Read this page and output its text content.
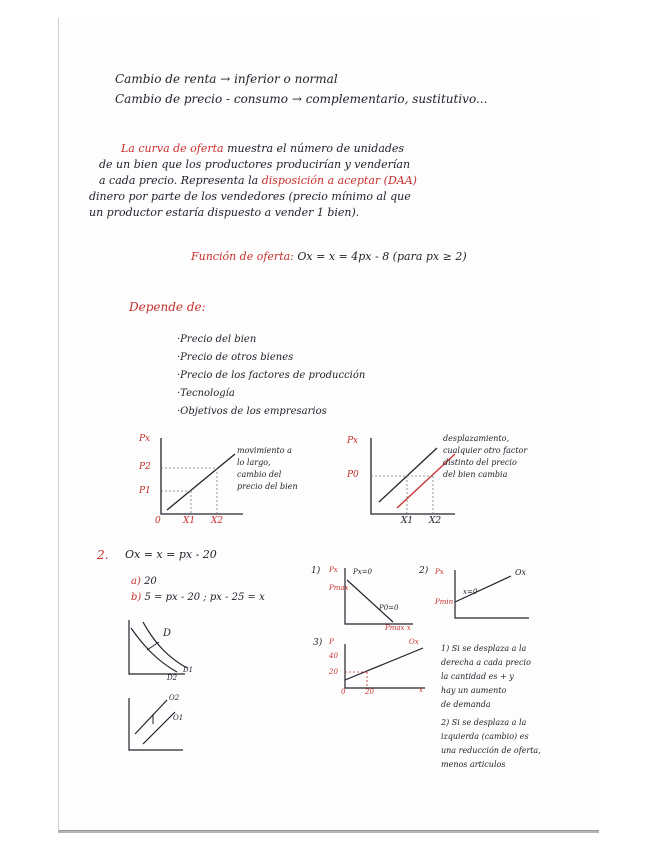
Cambio de renta → inferior o normal
Cambio de precio - consumo → complementario, sustitutivo...
La curva de oferta muestra el número de unidades
de un bien que los productores producirían y venderían
a cada precio. Representa la disposición a aceptar (DAA)
dinero por parte de los vendedores (precio mínimo al que
un productor estaría dispuesto a vender 1 bien).
Función de oferta: Ox = x = 4px - 8 (para px ≥ 2)
Depende de:
·Precio del bien
·Precio de otros bienes
·Precio de los factores de producción
·Tecnología
·Objetivos de los empresarios
Px
P2
P1
0 X1 X2
movimiento a
lo largo,
cambio del
precio del bien
Px
P0
X1 X2
desplazamiento,
cualquier otro factor
distinto del precio
del bien cambia
2. Ox = x = px - 20
a) 20
b) 5 = px - 20 ; px - 25 = x
D
D2
D1
O2
O1
1) Px Px=0
Pmax
P0=0
Pmax x
2) Px	Ox
x=0
Pmin
3) P	Ox
40
20
0	20	x
1) Si se desplaza a la
derecha a cada precio
la cantidad es + y
hay un aumento
de demanda
2) Si se desplaza a la
izquierda (cambio) es
una reducción de oferta,
menos articulos
